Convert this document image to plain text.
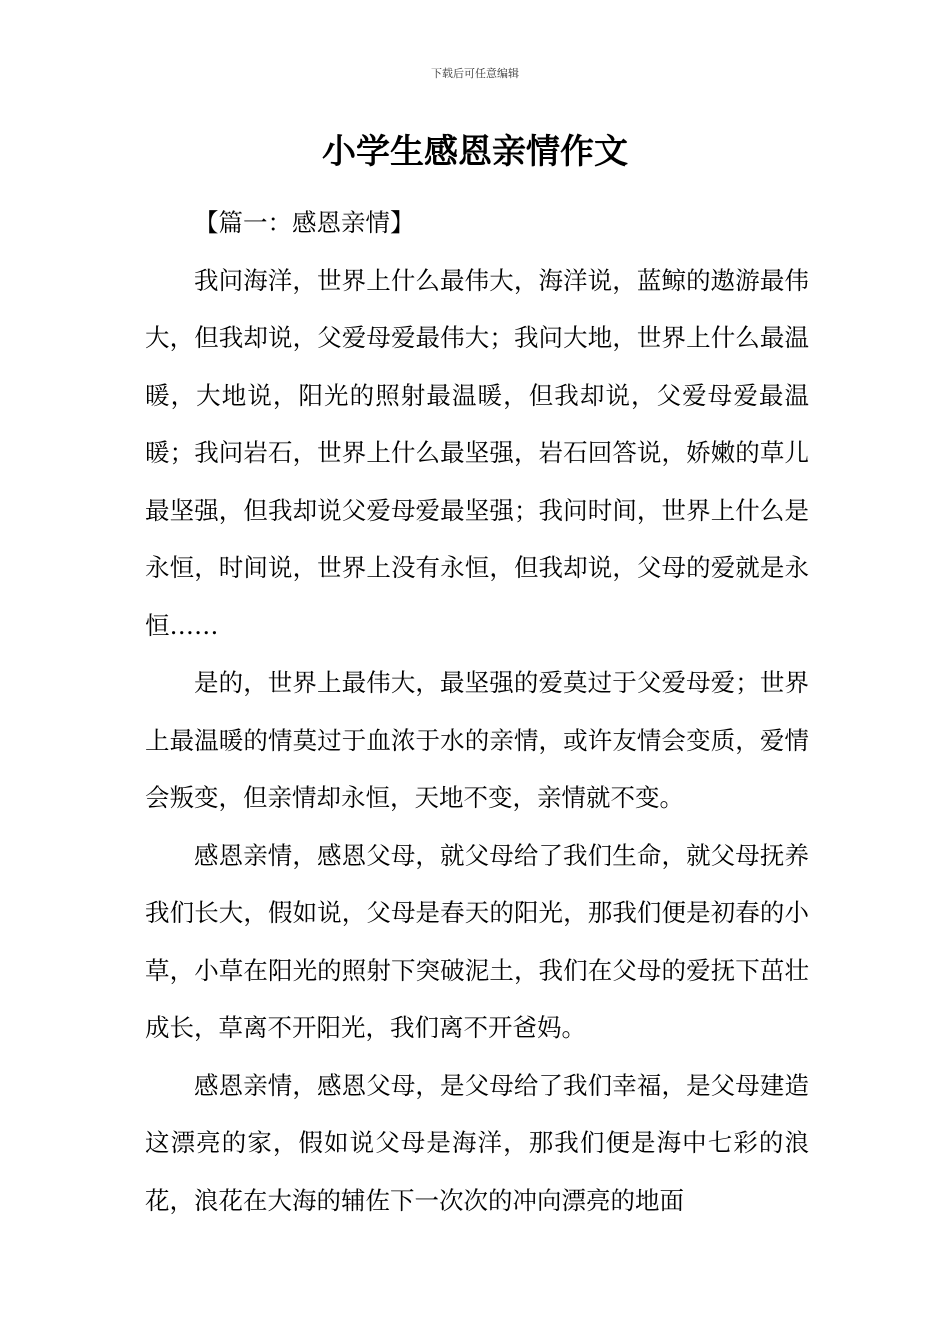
下载后可任意编辑
小学生感恩亲情作文

【篇一：感恩亲情】

我问海洋，世界上什么最伟大，海洋说，蓝鲸的遨游最伟大，但我却说，父爱母爱最伟大；我问大地，世界上什么最温暖，大地说，阳光的照射最温暖，但我却说，父爱母爱最温暖；我问岩石，世界上什么最坚强，岩石回答说，娇嫩的草儿最坚强，但我却说父爱母爱最坚强；我问时间，世界上什么是永恒，时间说，世界上没有永恒，但我却说，父母的爱就是永恒……

是的，世界上最伟大，最坚强的爱莫过于父爱母爱；世界上最温暖的情莫过于血浓于水的亲情，或许友情会变质，爱情会叛变，但亲情却永恒，天地不变，亲情就不变。

感恩亲情，感恩父母，就父母给了我们生命，就父母抚养我们长大，假如说，父母是春天的阳光，那我们便是初春的小草，小草在阳光的照射下突破泥土，我们在父母的爱抚下茁壮成长，草离不开阳光，我们离不开爸妈。

感恩亲情，感恩父母，是父母给了我们幸福，是父母建造这漂亮的家，假如说父母是海洋，那我们便是海中七彩的浪花，浪花在大海的辅佐下一次次的冲向漂亮的地面
